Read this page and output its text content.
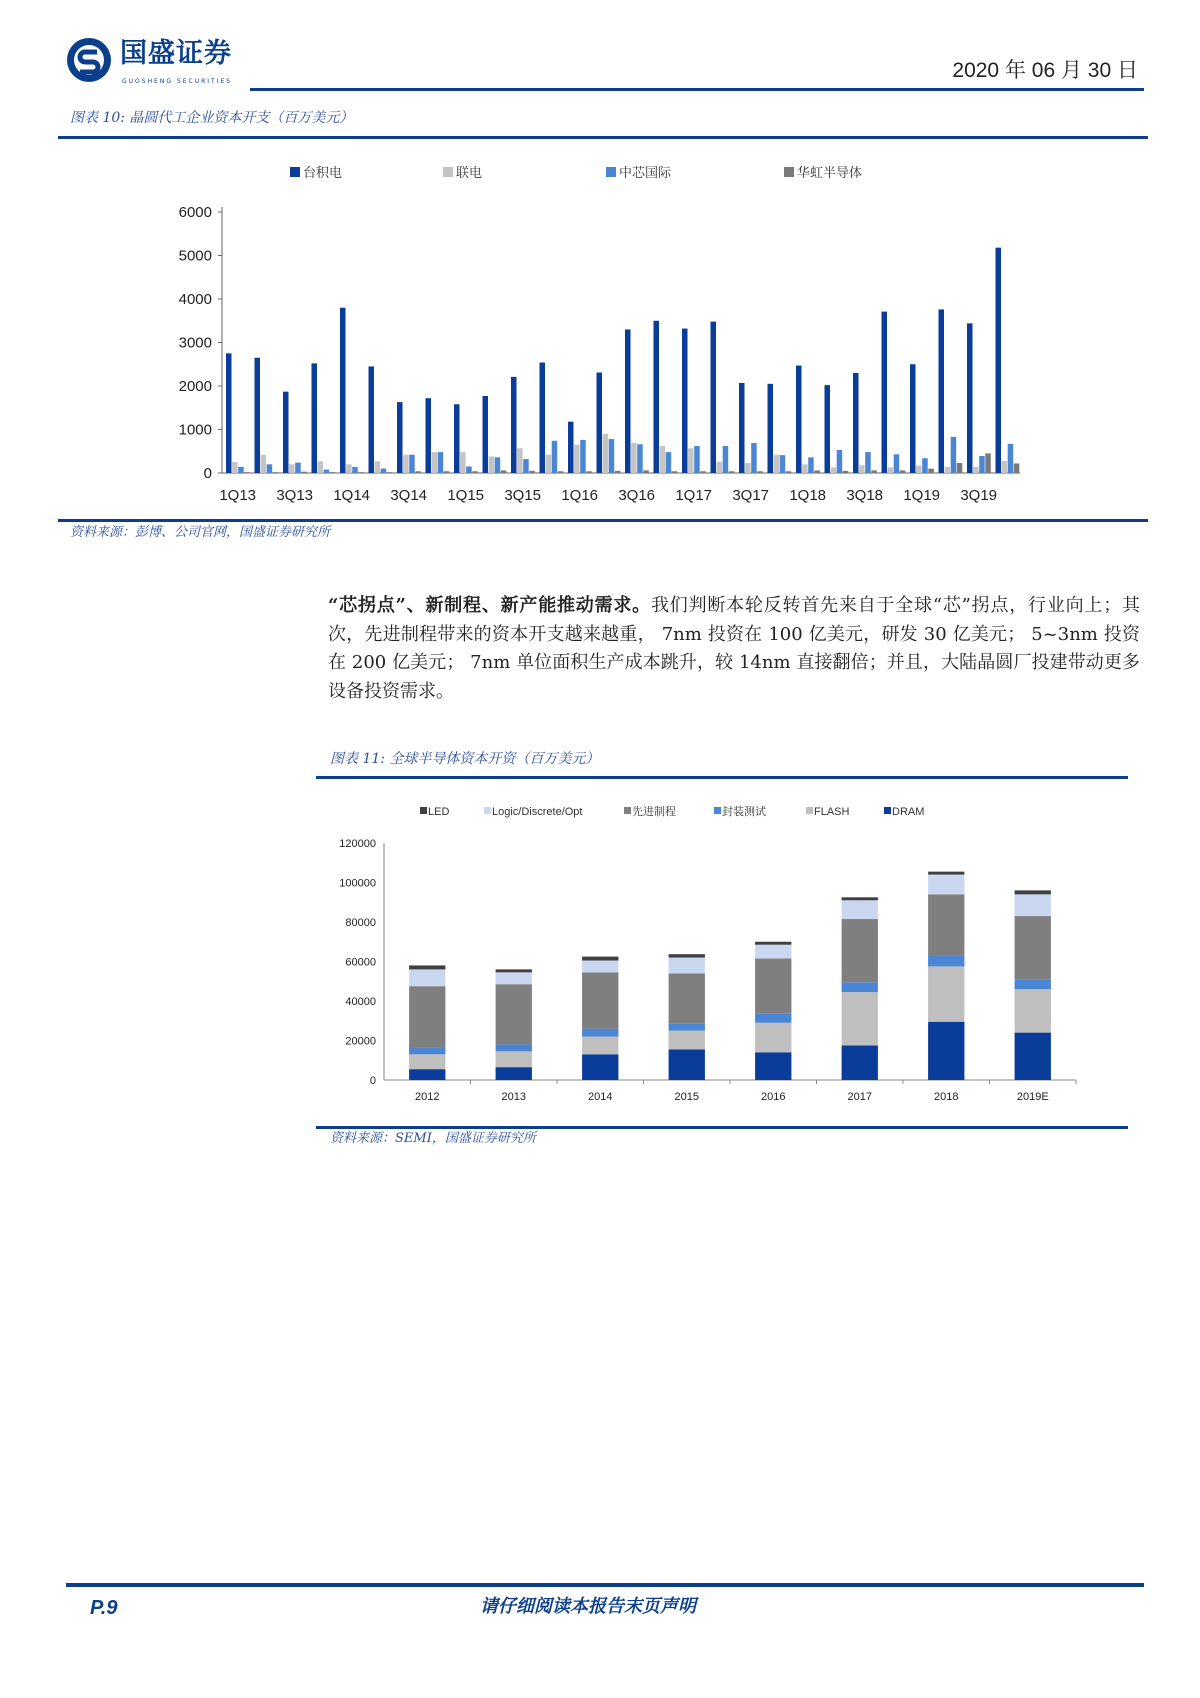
国盛证券
GUOSHENG SECURITIES	2020 年 06 月 30 日
图表 10: 晶圆代工企业资本开支（百万美元）
0
1000
2000
3000
4000
5000
6000
1Q13 3Q13 1Q14 3Q14 1Q15 3Q15 1Q16 3Q16 1Q17 3Q17 1Q18 3Q18 1Q19 3Q19
台积电	联电	中芯国际	华虹半导体
资料来源：彭博、公司官网，国盛证券研究所
“芯拐点”、新制程、新产能推动需求。我们判断本轮反转首先来自于全球“芯”拐点，行业向上；其次，先进制程带来的资本开支越来越重， 7nm 投资在 100 亿美元，研发 30 亿美元； 5~3nm 投资在 200 亿美元； 7nm 单位面积生产成本跳升，较 14nm 直接翻倍；并且，大陆晶圆厂投建带动更多设备投资需求。
图表 11: 全球半导体资本开资（百万美元）
0
20000
40000
60000
80000
100000
120000
2012	2013	2014	2015	2016	2017	2018	2019E
LED	Logic/Discrete/Opt	先进制程	封装测试	FLASH	DRAM
资料来源：SEMI，国盛证券研究所
P.9	请仔细阅读本报告末页声明
